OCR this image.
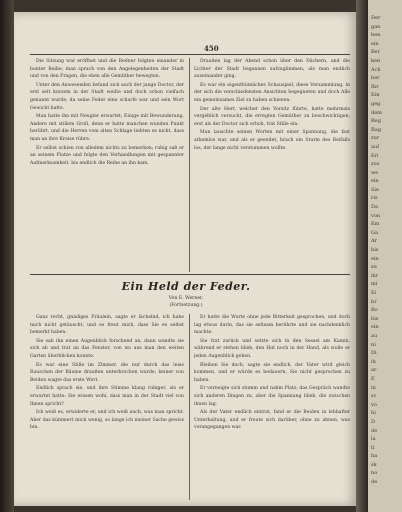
450

Die Sitzung war eröffnet und die Redner folgten einander in bunter Reihe; man sprach von den Angelegenheiten der Stadt und von den Fragen, die eben alle Gemüther bewegten.

Unter den Anwesenden befand sich auch der junge Doctor, der erst seit kurzem in der Stadt weilte und doch schon vielfach genannt wurde, da seine Feder eine scharfe war und sein Wort Gewicht hatte.

Man hatte ihn mit Neugier erwartet; Einige mit Bewunderung, Andere mit stillem Groll, denn er hatte manchen wunden Punkt berührt, und die Herren vom alten Schlage liebten es nicht, dass man an ihre Kreise rühre.

Er selbst schien von alledem nichts zu bemerken; ruhig saß er an seinem Platze und folgte den Verhandlungen mit gespannter Aufmerksamkeit, bis endlich die Reihe an ihn kam.

Draußen lag der Abend schon über den Dächern, und die Lichter der Stadt begannen aufzuglimmen, als man endlich auseinander ging.

Es war ein eigenthümliches Schauspiel, diese Versammlung, in der sich die verschiedensten Ansichten begegneten und doch Alle ein gemeinsames Ziel zu haben schienen.

Der alte Herr, welcher den Vorsitz führte, hatte mehrmals vergeblich versucht, die erregten Gemüther zu beschwichtigen; erst als der Doctor sich erhob, trat Stille ein.

Man lauschte seinen Worten mit einer Spannung, die fast athemlos war, und als er geendet, brach ein Sturm des Beifalls los, der lange nicht verstummen wollte.

Ein Held der Feder.
Von E. Werner.
(Fortsetzung.)

Ganz recht, gnädiges Fräulein, sagte er lächelnd, ich habe mich nicht getäuscht, und es freut mich, dass Sie es selbst bemerkt haben.

Sie sah ihn einen Augenblick forschend an, dann wandte sie sich ab und trat an das Fenster, von wo aus man den weiten Garten überblicken konnte.

Es war eine Stille im Zimmer, die nur durch das leise Rauschen der Bäume draußen unterbrochen wurde; keiner von Beiden wagte das erste Wort.

Endlich sprach sie, und ihre Stimme klang ruhiger, als er erwartet hatte: Sie wissen wohl, dass man in der Stadt viel von Ihnen spricht?

Ich weiß es, erwiderte er, und ich weiß auch, was man spricht. Aber das kümmert mich wenig, so lange ich meiner Sache gewiss bin.

Er hatte die Worte ohne jede Bitterkeit gesprochen, und doch lag etwas darin, das sie seltsam berührte und sie nachdenklich machte.

Sie trat zurück und setzte sich in den Sessel am Kamin, während er stehen blieb, den Hut noch in der Hand, als wolle er jeden Augenblick gehen.

Bleiben Sie doch, sagte sie endlich, der Vater wird gleich kommen, und er würde es bedauern, Sie nicht gesprochen zu haben.

Er verneigte sich stumm und nahm Platz; das Gespräch wandte sich anderen Dingen zu, aber die Spannung blieb, die zwischen ihnen lag.

Als der Vater endlich eintrat, fand er die Beiden in lebhafter Unterhaltung, und er freute sich darüber, ohne zu ahnen, was vorangegangen war.

Der
gan
ben
ein
Ber
ken
Ach
ber
Ihr
Ein
geg
dem
Reg
Rag
zur
auf
Eri
zus
we
ein
Sie
ris
Da
von
Em
Ga
Ar
bis
ein
zu
ihr
mi
Ei
br
Bo
bis
ein
au
ni
Di
ih
ar
E
in
sc
vo
hi
D
de
la
ti
ha
sk
no
de
